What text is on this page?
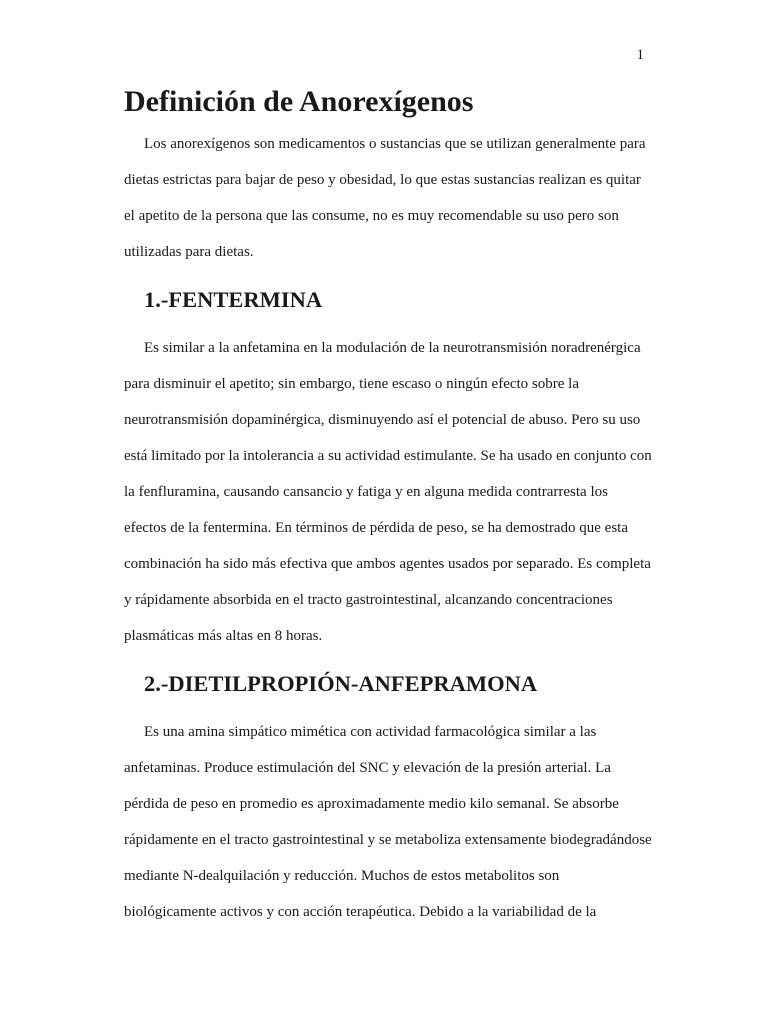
1
Definición de Anorexígenos

Los anorexígenos son medicamentos o sustancias que se utilizan generalmente para dietas estrictas para bajar de peso y obesidad, lo que estas sustancias realizan es quitar el apetito de la persona que las consume, no es muy recomendable su uso pero son utilizadas para dietas.

1.-FENTERMINA

Es similar a la anfetamina en la modulación de la neurotransmisión noradrenérgica para disminuir el apetito; sin embargo, tiene escaso o ningún efecto sobre la neurotransmisión dopaminérgica, disminuyendo así el potencial de abuso. Pero su uso está limitado por la intolerancia a su actividad estimulante. Se ha usado en conjunto con la fenfluramina, causando cansancio y fatiga y en alguna medida contrarresta los efectos de la fentermina. En términos de pérdida de peso, se ha demostrado que esta combinación ha sido más efectiva que ambos agentes usados por separado. Es completa y rápidamente absorbida en el tracto gastrointestinal, alcanzando concentraciones plasmáticas más altas en 8 horas.

2.-DIETILPROPIÓN-ANFEPRAMONA

Es una amina simpático mimética con actividad farmacológica similar a las anfetaminas. Produce estimulación del SNC y elevación de la presión arterial. La pérdida de peso en promedio es aproximadamente medio kilo semanal. Se absorbe rápidamente en el tracto gastrointestinal y se metaboliza extensamente biodegradándose mediante N-dealquilación y reducción. Muchos de estos metabolitos son biológicamente activos y con acción terapéutica. Debido a la variabilidad de la
